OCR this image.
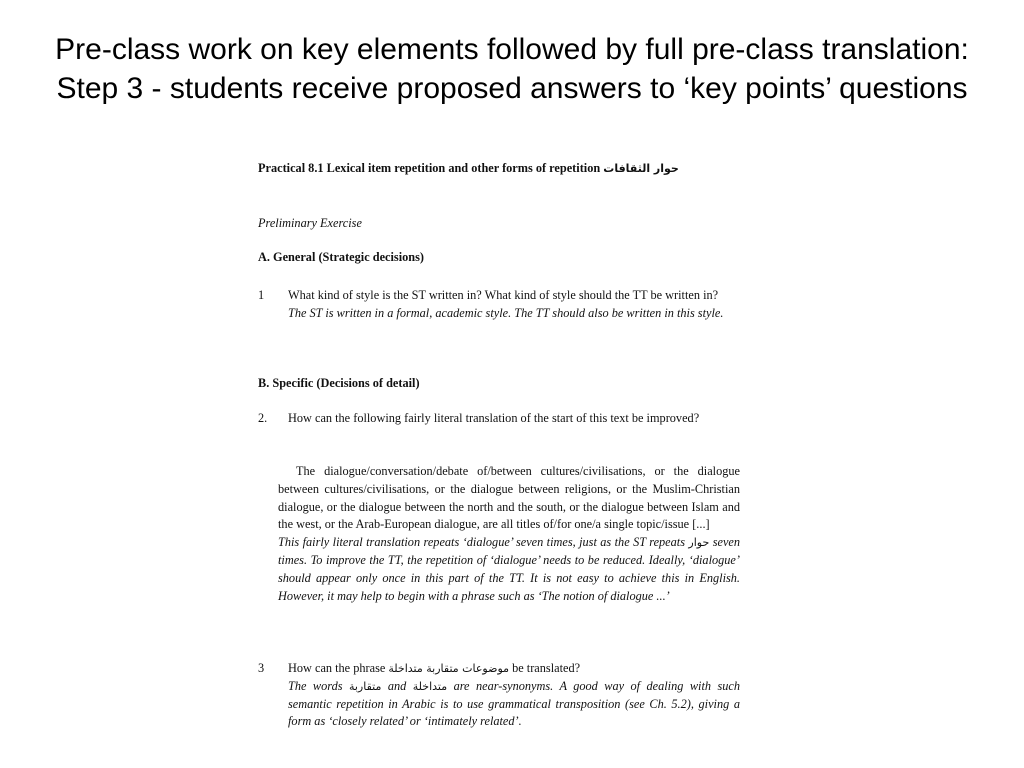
Pre-class work on key elements followed by full pre-class translation: Step 3 - students receive proposed answers to ‘key points’ questions

Practical 8.1 Lexical item repetition and other forms of repetition حوار الثقافات

Preliminary Exercise

A. General (Strategic decisions)

1 What kind of style is the ST written in? What kind of style should the TT be written in?

The ST is written in a formal, academic style. The TT should also be written in this style.

B. Specific (Decisions of detail)

2. How can the following fairly literal translation of the start of this text be improved?

The dialogue/conversation/debate of/between cultures/civilisations, or the dialogue between cultures/civilisations, or the dialogue between religions, or the Muslim-Christian dialogue, or the dialogue between the north and the south, or the dialogue between Islam and the west, or the Arab-European dialogue, are all titles of/for one/a single topic/issue [...]

This fairly literal translation repeats ‘dialogue’ seven times, just as the ST repeats حوار seven times. To improve the TT, the repetition of ‘dialogue’ needs to be reduced. Ideally, ‘dialogue’ should appear only once in this part of the TT. It is not easy to achieve this in English. However, it may help to begin with a phrase such as ‘The notion of dialogue ...’

3 How can the phrase موضوعات متقاربة متداخلة be translated?

The words متقاربة and متداخلة are near-synonyms. A good way of dealing with such semantic repetition in Arabic is to use grammatical transposition (see Ch. 5.2), giving a form as ‘closely related’ or ‘intimately related’.
